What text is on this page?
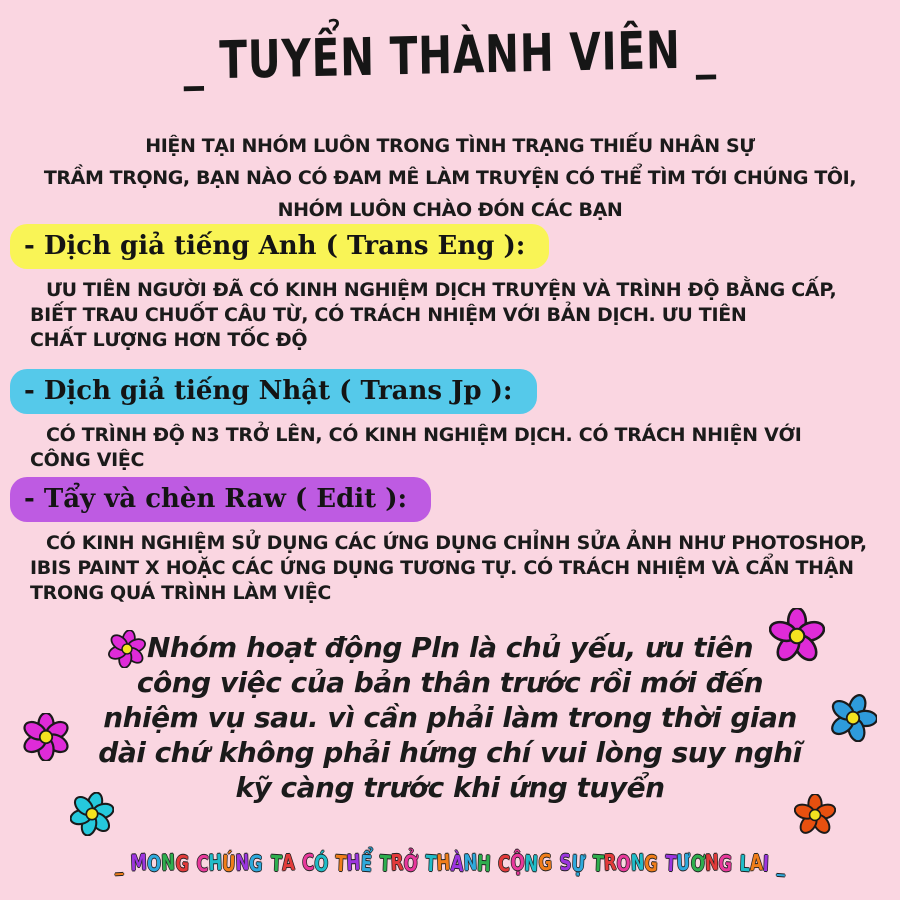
_ TUYỂN THÀNH VIÊN _
HIỆN TẠI NHÓM LUÔN TRONG TÌNH TRẠNG THIẾU NHÂN SỰ
TRẦM TRỌNG, BẠN NÀO CÓ ĐAM MÊ LÀM TRUYỆN CÓ THỂ TÌM TỚI CHÚNG TÔI,
NHÓM LUÔN CHÀO ĐÓN CÁC BẠN
- Dịch giả tiếng Anh ( Trans Eng ):
ƯU TIÊN NGƯỜI ĐÃ CÓ KINH NGHIỆM DỊCH TRUYỆN VÀ TRÌNH ĐỘ BẰNG CẤP,
BIẾT TRAU CHUỐT CÂU TỪ, CÓ TRÁCH NHIỆM VỚI BẢN DỊCH. ƯU TIÊN
CHẤT LƯỢNG HƠN TỐC ĐỘ
- Dịch giả tiếng Nhật ( Trans Jp ):
CÓ TRÌNH ĐỘ N3 TRỞ LÊN, CÓ KINH NGHIỆM DỊCH. CÓ TRÁCH NHIỆN VỚI
CÔNG VIỆC
- Tẩy và chèn Raw ( Edit ):
CÓ KINH NGHIỆM SỬ DỤNG CÁC ỨNG DỤNG CHỈNH SỬA ẢNH NHƯ PHOTOSHOP,
IBIS PAINT X HOẶC CÁC ỨNG DỤNG TƯƠNG TỰ. CÓ TRÁCH NHIỆM VÀ CẨN THẬN
TRONG QUÁ TRÌNH LÀM VIỆC
Nhóm hoạt động Pln là chủ yếu, ưu tiên
công việc của bản thân trước rồi mới đến
nhiệm vụ sau. vì cần phải làm trong thời gian
dài chứ không phải hứng chí vui lòng suy nghĩ
kỹ càng trước khi ứng tuyển
_ MONG CHÚNG TA CÓ THỂ TRỞ THÀNH CỘNG SỰ TRONG TƯƠNG LAI _
